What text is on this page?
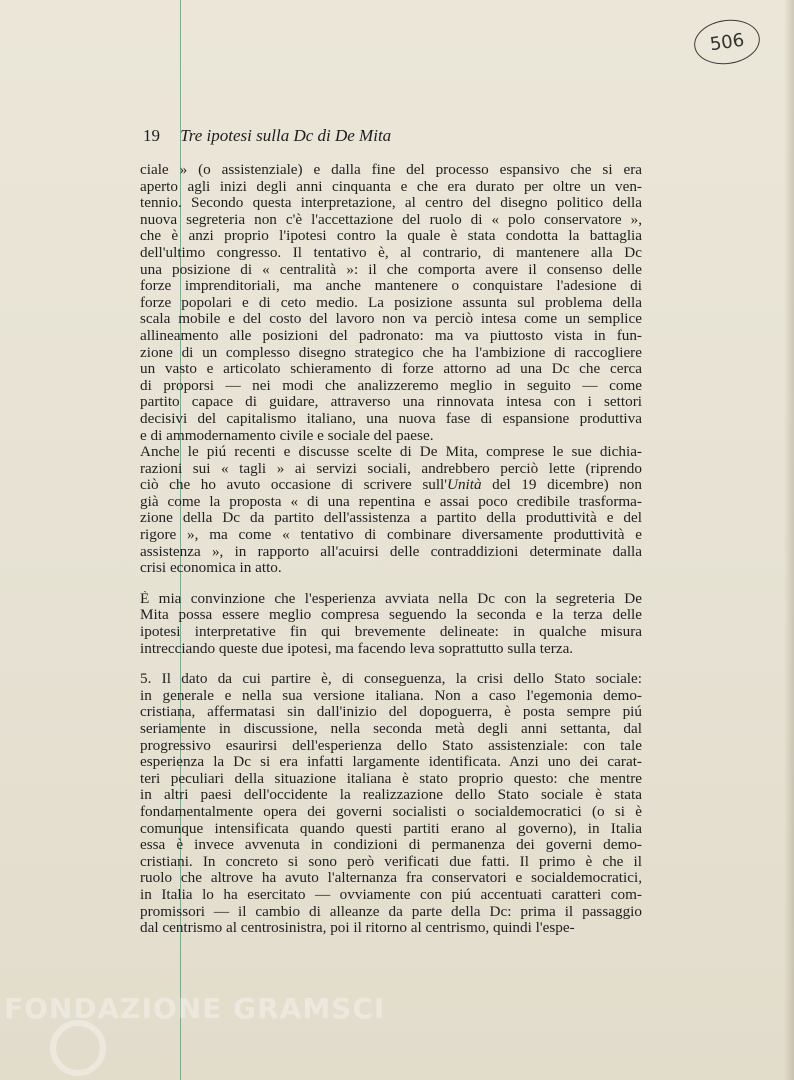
506
19 Tre ipotesi sulla Dc di De Mita
ciale » (o assistenziale) e dalla fine del processo espansivo che si era
aperto agli inizi degli anni cinquanta e che era durato per oltre un ven-
tennio. Secondo questa interpretazione, al centro del disegno politico della
nuova segreteria non c'è l'accettazione del ruolo di « polo conservatore »,
che è anzi proprio l'ipotesi contro la quale è stata condotta la battaglia
dell'ultimo congresso. Il tentativo è, al contrario, di mantenere alla Dc
una posizione di « centralità »: il che comporta avere il consenso delle
forze imprenditoriali, ma anche mantenere o conquistare l'adesione di
forze popolari e di ceto medio. La posizione assunta sul problema della
scala mobile e del costo del lavoro non va perciò intesa come un semplice
allineamento alle posizioni del padronato: ma va piuttosto vista in fun-
zione di un complesso disegno strategico che ha l'ambizione di raccogliere
un vasto e articolato schieramento di forze attorno ad una Dc che cerca
di proporsi — nei modi che analizzeremo meglio in seguito — come
partito capace di guidare, attraverso una rinnovata intesa con i settori
decisivi del capitalismo italiano, una nuova fase di espansione produttiva
e di ammodernamento civile e sociale del paese.
Anche le piú recenti e discusse scelte di De Mita, comprese le sue dichia-
razioni sui « tagli » ai servizi sociali, andrebbero perciò lette (riprendo
ciò che ho avuto occasione di scrivere sull'Unità del 19 dicembre) non
già come la proposta « di una repentina e assai poco credibile trasforma-
zione della Dc da partito dell'assistenza a partito della produttività e del
rigore », ma come « tentativo di combinare diversamente produttività e
assistenza », in rapporto all'acuirsi delle contraddizioni determinate dalla
crisi economica in atto.
È mia convinzione che l'esperienza avviata nella Dc con la segreteria De
Mita possa essere meglio compresa seguendo la seconda e la terza delle
ipotesi interpretative fin qui brevemente delineate: in qualche misura
intrecciando queste due ipotesi, ma facendo leva soprattutto sulla terza.
5. Il dato da cui partire è, di conseguenza, la crisi dello Stato sociale:
in generale e nella sua versione italiana. Non a caso l'egemonia demo-
cristiana, affermatasi sin dall'inizio del dopoguerra, è posta sempre piú
seriamente in discussione, nella seconda metà degli anni settanta, dal
progressivo esaurirsi dell'esperienza dello Stato assistenziale: con tale
esperienza la Dc si era infatti largamente identificata. Anzi uno dei carat-
teri peculiari della situazione italiana è stato proprio questo: che mentre
in altri paesi dell'occidente la realizzazione dello Stato sociale è stata
fondamentalmente opera dei governi socialisti o socialdemocratici (o si è
comunque intensificata quando questi partiti erano al governo), in Italia
essa è invece avvenuta in condizioni di permanenza dei governi demo-
cristiani. In concreto si sono però verificati due fatti. Il primo è che il
ruolo che altrove ha avuto l'alternanza fra conservatori e socialdemocratici,
in Italia lo ha esercitato — ovviamente con piú accentuati caratteri com-
promissori — il cambio di alleanze da parte della Dc: prima il passaggio
dal centrismo al centrosinistra, poi il ritorno al centrismo, quindi l'espe-
FONDAZIONE GRAMSCI
